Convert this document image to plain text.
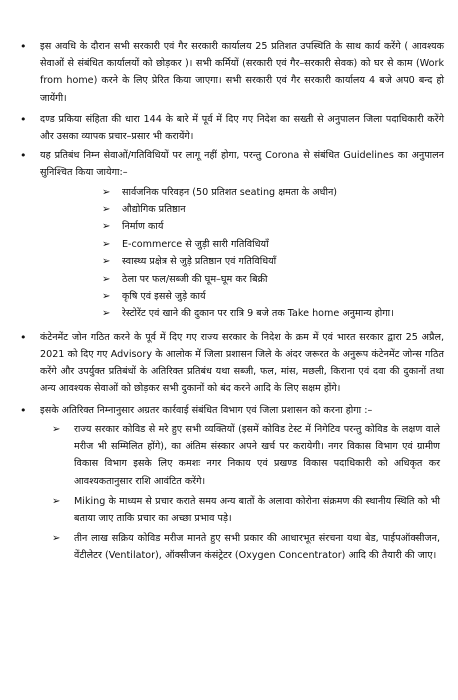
• इस अवधि के दौरान सभी सरकारी एवं गैर सरकारी कार्यालय 25 प्रतिशत उपस्थिति के साथ कार्य करेंगे ( आवश्यक सेवाओं से संबंधित कार्यालयों को छोड़कर )। सभी कर्मियों (सरकारी एवं गैर–सरकारी सेवक) को घर से काम (Work from home) करने के लिए प्रेरित किया जाएगा। सभी सरकारी एवं गैर सरकारी कार्यालय 4 बजे अप0 बन्द हो जायेंगी।
• दण्ड प्रकिया संहिता की धारा 144 के बारे में पूर्व में दिए गए निदेश का सख्ती से अनुपालन जिला पदाधिकारी करेंगे और उसका व्यापक प्रचार–प्रसार भी करायेंगे।
• यह प्रतिबंध निम्न सेवाओं/गतिविधियों पर लागू नहीं होगा, परन्तु Corona से संबंधित Guidelines का अनुपालन सुनिश्चित किया जायेगा:–
➢ सार्वजनिक परिवहन (50 प्रतिशत seating क्षमता के अधीन)
➢ औद्योगिक प्रतिष्ठान
➢ निर्माण कार्य
➢ E-commerce से जुड़ी सारी गतिविधियाँ
➢ स्वास्थ्य प्रक्षेत्र से जुड़े प्रतिष्ठान एवं गतिविधियाँ
➢ ठेला पर फल/सब्जी की घूम–घूम कर बिक्री
➢ कृषि एवं इससे जुड़े कार्य
➢ रेस्टोरेंट एवं खाने की दुकान पर रात्रि 9 बजे तक Take home अनुमान्य होगा।
• कंटेनमेंट जोन गठित करने के पूर्व में दिए गए राज्य सरकार के निदेश के क्रम में एवं भारत सरकार द्वारा 25 अप्रैल, 2021 को दिए गए Advisory के आलोक में जिला प्रशासन जिले के अंदर जरूरत के अनुरूप कंटेनमेंट जोन्स गठित करेंगे और उपर्युक्त प्रतिबंधों के अतिरिक्त प्रतिबंध यथा सब्जी, फल, मांस, मछली, किराना एवं दवा की दुकानों तथा अन्य आवश्यक सेवाओं को छोड़कर सभी दुकानों को बंद करने आदि के लिए सक्षम होंगे।
• इसके अतिरिक्त निम्नानुसार अग्रतर कार्रवाई संबंधित विभाग एवं जिला प्रशासन को करना होगा :–
➢ राज्य सरकार कोविड से मरे हुए सभी व्यक्तियों (इसमें कोविड टेस्ट में निगेटिव परन्तु कोविड के लक्षण वाले मरीज भी सम्मिलित होंगे), का अंतिम संस्कार अपने खर्च पर करायेगी। नगर विकास विभाग एवं ग्रामीण विकास विभाग इसके लिए कमशः नगर निकाय एवं प्रखण्ड विकास पदाधिकारी को अधिकृत कर आवश्यकतानुसार राशि आवंटित करेंगे।
➢ Miking के माध्यम से प्रचार कराते समय अन्य बातों के अलावा कोरोना संक्रमण की स्थानीय स्थिति को भी बताया जाए ताकि प्रचार का अच्छा प्रभाव पड़े।
➢ तीन लाख सक्रिय कोविड मरीज मानते हुए सभी प्रकार की आधारभूत संरचना यथा बेड, पाईपऑक्सीजन, वेंटीलेटर (Ventilator), ऑक्सीजन कंसंट्रेटर (Oxygen Concentrator) आदि की तैयारी की जाए।
